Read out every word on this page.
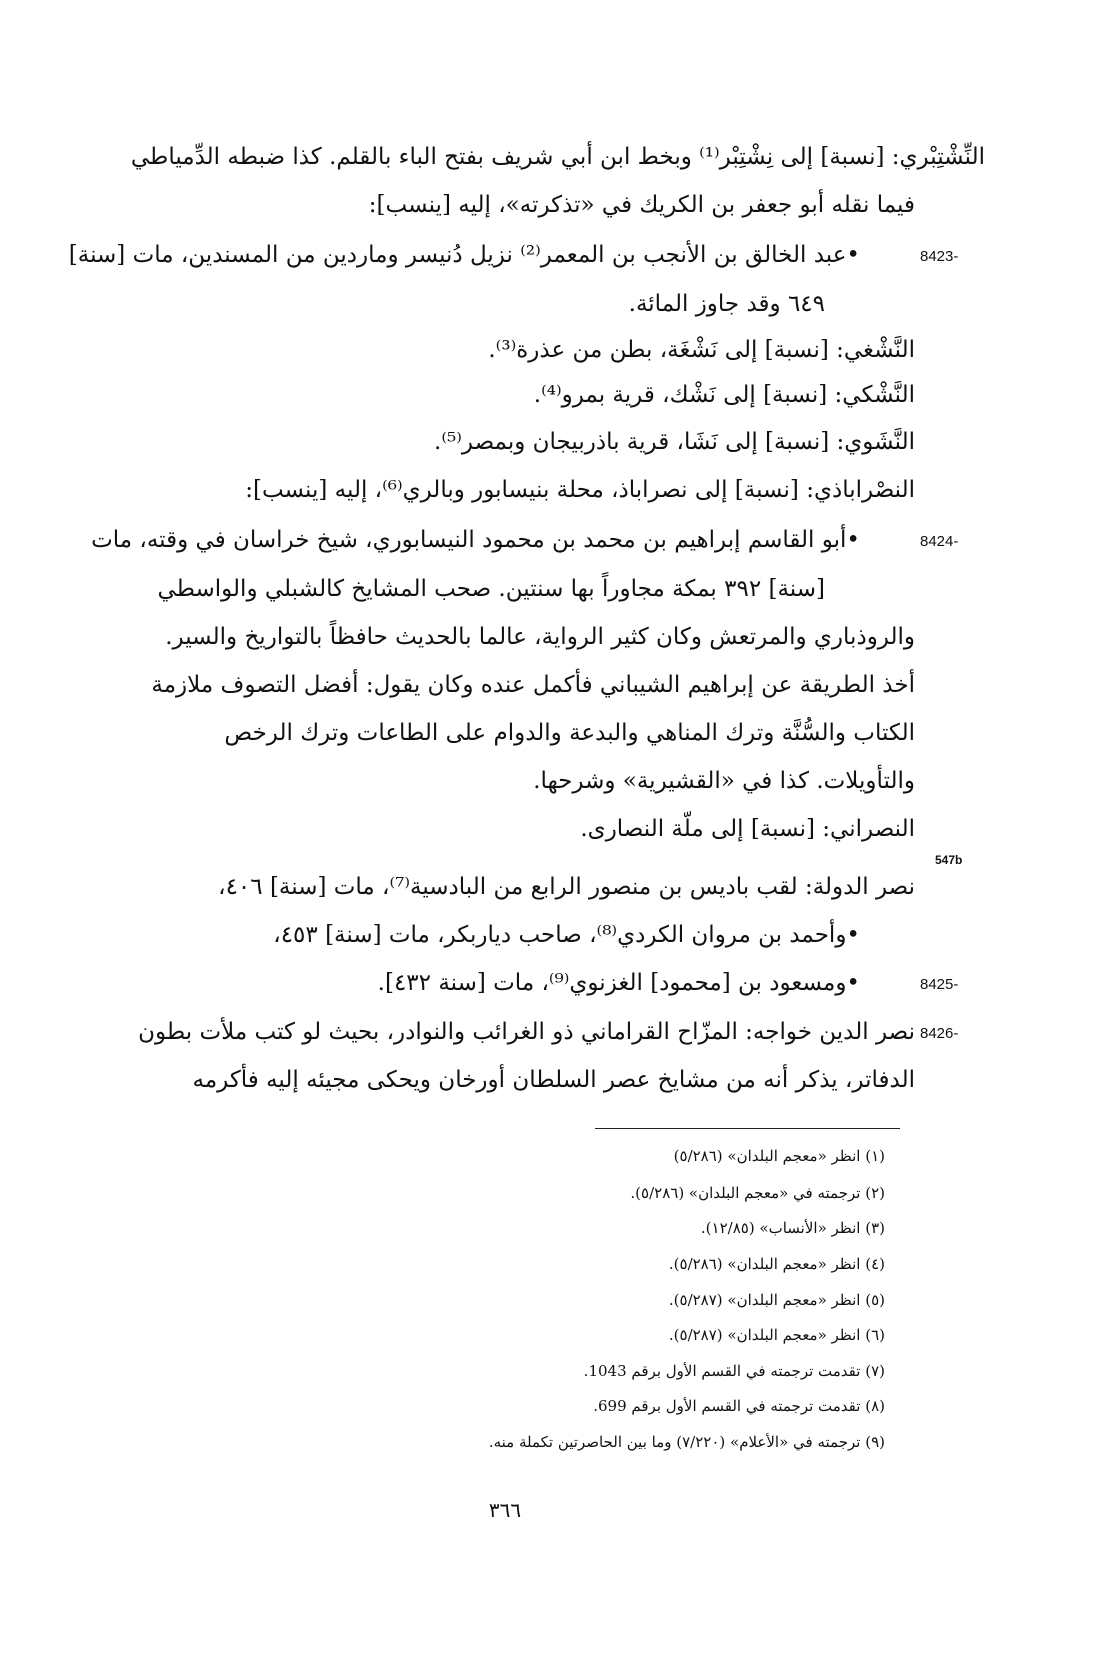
النِّشْتِبْري: [نسبة] إلى نِشْتِبْر⁽¹⁾ وبخط ابن أبي شريف بفتح الباء بالقلم. كذا ضبطه الدِّمياطي
فيما نقله أبو جعفر بن الكريك في «تذكرته»، إليه [ينسب]:
•عبد الخالق بن الأنجب بن المعمر⁽²⁾ نزيل دُنيسر وماردين من المسندين، مات [سنة]
٦٤٩ وقد جاوز المائة.
النَّشْغي: [نسبة] إلى نَشْغَة، بطن من عذرة⁽³⁾.
النَّشْكي: [نسبة] إلى نَشْك، قرية بمرو⁽⁴⁾.
النَّشَوي: [نسبة] إلى نَشَا، قرية باذربيجان وبمصر⁽⁵⁾.
النصْراباذي: [نسبة] إلى نصراباذ، محلة بنيسابور وبالري⁽⁶⁾، إليه [ينسب]:
•أبو القاسم إبراهيم بن محمد بن محمود النيسابوري، شيخ خراسان في وقته، مات
[سنة] ٣٩٢ بمكة مجاوراً بها سنتين. صحب المشايخ كالشبلي والواسطي
والروذباري والمرتعش وكان كثير الرواية، عالما بالحديث حافظاً بالتواريخ والسير.
أخذ الطريقة عن إبراهيم الشيباني فأكمل عنده وكان يقول: أفضل التصوف ملازمة
الكتاب والسُّنَّة وترك المناهي والبدعة والدوام على الطاعات وترك الرخص
والتأويلات. كذا في «القشيرية» وشرحها.
النصراني: [نسبة] إلى ملّة النصارى.
نصر الدولة: لقب باديس بن منصور الرابع من البادسية⁽⁷⁾، مات [سنة] ٤٠٦،
•وأحمد بن مروان الكردي⁽⁸⁾، صاحب دياربكر، مات [سنة] ٤٥٣،
•ومسعود بن [محمود] الغزنوي⁽⁹⁾، مات [سنة ٤٣٢].
نصر الدين خواجه: المزّاح القراماني ذو الغرائب والنوادر، بحيث لو كتب ملأت بطون
الدفاتر، يذكر أنه من مشايخ عصر السلطان أورخان ويحكى مجيئه إليه فأكرمه
8423-
8424-
8425-
8426-
547b
(١) انظر «معجم البلدان» (٥/٢٨٦)
(٢) ترجمته في «معجم البلدان» (٥/٢٨٦).
(٣) انظر «الأنساب» (١٢/٨٥).
(٤) انظر «معجم البلدان» (٥/٢٨٦).
(٥) انظر «معجم البلدان» (٥/٢٨٧).
(٦) انظر «معجم البلدان» (٥/٢٨٧).
(٧) تقدمت ترجمته في القسم الأول برقم 1043.
(٨) تقدمت ترجمته في القسم الأول برقم 699.
(٩) ترجمته في «الأعلام» (٧/٢٢٠) وما بين الحاصرتين تكملة منه.
٣٦٦
